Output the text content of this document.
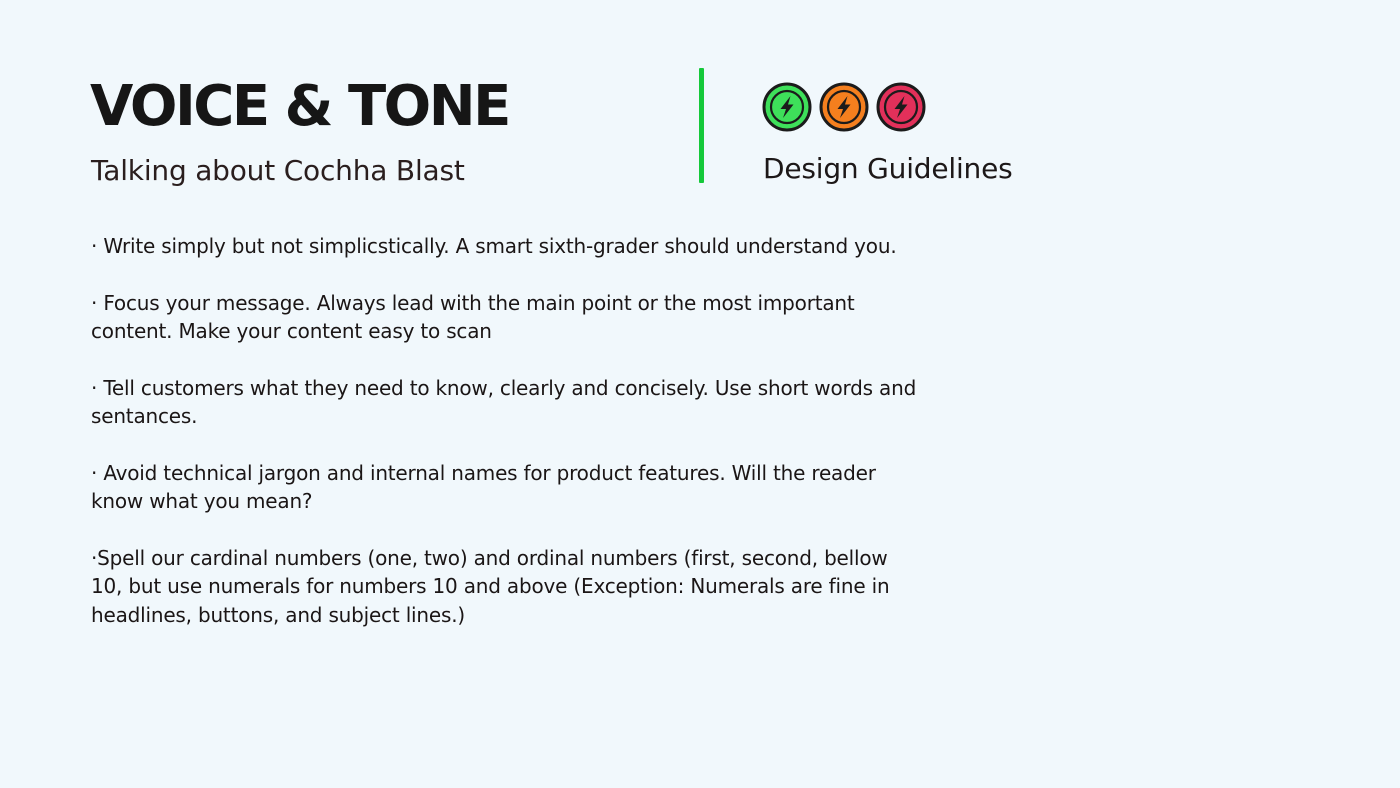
VOICE & TONE

Talking about Cochha Blast	Design Guidelines

· Write simply but not simplicstically. A smart sixth-grader should understand you.
· Focus your message. Always lead with the main point or the most important content. Make your content easy to scan
· Tell customers what they need to know, clearly and concisely. Use short words and sentances.
· Avoid technical jargon and internal names for product features. Will the reader know what you mean?
·Spell our cardinal numbers (one, two) and ordinal numbers (first, second, bellow 10, but use numerals for numbers 10 and above (Exception: Numerals are fine in headlines, buttons, and subject lines.)
